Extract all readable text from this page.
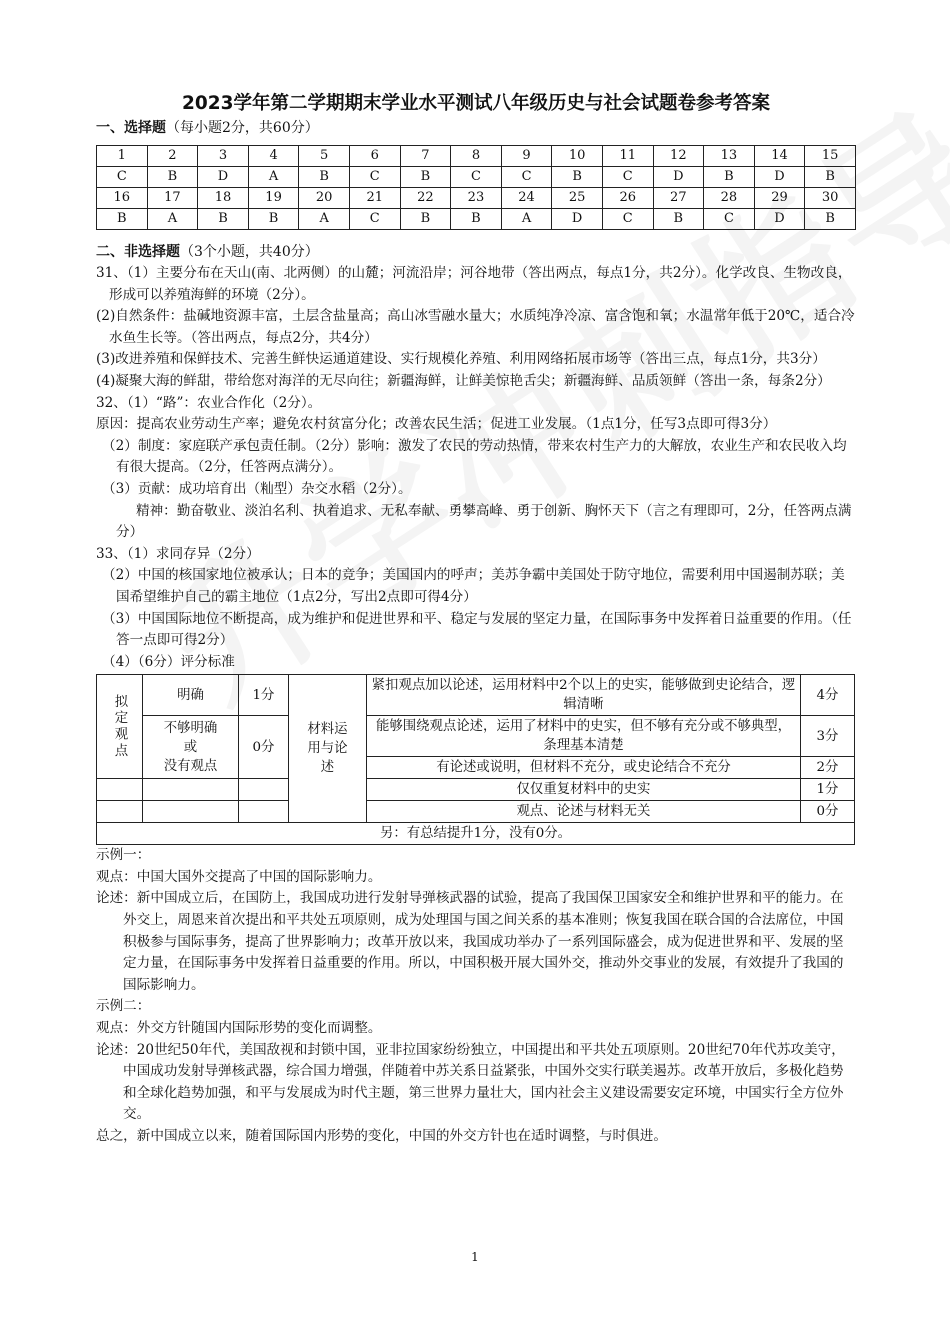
2023学年第二学期期末学业水平测试八年级历史与社会试题卷参考答案

一、选择题（每小题2分，共60分）

1	2	3	4	5	6	7	8	9	10	11	12	13	14	15
C	B	D	A	B	C	B	C	C	B	C	D	B	D	B
16	17	18	19	20	21	22	23	24	25	26	27	28	29	30
B	A	B	B	A	C	B	B	A	D	C	B	C	D	B

二、非选择题（3个小题，共40分）

31、（1）主要分布在天山(南、北两侧）的山麓；河流沿岸；河谷地带（答出两点，每点1分，共2分）。化学改良、生物改良，形成可以养殖海鲜的环境（2分）。

(2)自然条件：盐碱地资源丰富，土层含盐量高；高山冰雪融水量大；水质纯净冷凉、富含饱和氧；水温常年低于20℃，适合冷水鱼生长等。（答出两点，每点2分，共4分）

(3)改进养殖和保鲜技术、完善生鲜快运通道建设、实行规模化养殖、利用网络拓展市场等（答出三点，每点1分，共3分）

(4)凝聚大海的鲜甜，带给您对海洋的无尽向往；新疆海鲜，让鲜美惊艳舌尖；新疆海鲜、品质领鲜（答出一条，每条2分）

32、（1）“路”：农业合作化（2分）。

原因：提高农业劳动生产率；避免农村贫富分化；改善农民生活；促进工业发展。（1点1分，任写3点即可得3分）

（2）制度：家庭联产承包责任制。（2分）影响：激发了农民的劳动热情，带来农村生产力的大解放，农业生产和农民收入均有很大提高。（2分，任答两点满分）。

（3）贡献：成功培育出（籼型）杂交水稻（2分）。

精神：勤奋敬业、淡泊名利、执着追求、无私奉献、勇攀高峰、勇于创新、胸怀天下（言之有理即可，2分，任答两点满分）

33、（1）求同存异（2分）

（2）中国的核国家地位被承认；日本的竞争；美国国内的呼声；美苏争霸中美国处于防守地位，需要利用中国遏制苏联；美国希望维护自己的霸主地位（1点2分，写出2点即可得4分）

（3）中国国际地位不断提高，成为维护和促进世界和平、稳定与发展的坚定力量，在国际事务中发挥着日益重要的作用。（任答一点即可得2分）

（4）（6分）评分标准

拟定观点	明确	1分	材料运用与论述	紧扣观点加以论述，运用材料中2个以上的史实，能够做到史论结合，逻辑清晰	4分
	不够明确
或
没有观点	0分		能够围绕观点论述，运用了材料中的史实，但不够有充分或不够典型，条理基本清楚	3分
				有论述或说明，但材料不充分，或史论结合不充分	2分
				仅仅重复材料中的史实	1分
				观点、论述与材料无关	0分
另：有总结提升1分，没有0分。					

示例一：

观点：中国大国外交提高了中国的国际影响力。

论述：新中国成立后，在国防上，我国成功进行发射导弹核武器的试验，提高了我国保卫国家安全和维护世界和平的能力。在外交上，周恩来首次提出和平共处五项原则，成为处理国与国之间关系的基本准则；恢复我国在联合国的合法席位，中国积极参与国际事务，提高了世界影响力；改革开放以来，我国成功举办了一系列国际盛会，成为促进世界和平、发展的坚定力量，在国际事务中发挥着日益重要的作用。所以，中国积极开展大国外交，推动外交事业的发展，有效提升了我国的国际影响力。

示例二：

观点：外交方针随国内国际形势的变化而调整。

论述：20世纪50年代，美国敌视和封锁中国，亚非拉国家纷纷独立，中国提出和平共处五项原则。20世纪70年代苏攻美守，中国成功发射导弹核武器，综合国力增强，伴随着中苏关系日益紧张，中国外交实行联美遏苏。改革开放后，多极化趋势和全球化趋势加强，和平与发展成为时代主题，第三世界力量壮大，国内社会主义建设需要安定环境，中国实行全方位外交。

总之，新中国成立以来，随着国际国内形势的变化，中国的外交方针也在适时调整，与时俱进。

1
